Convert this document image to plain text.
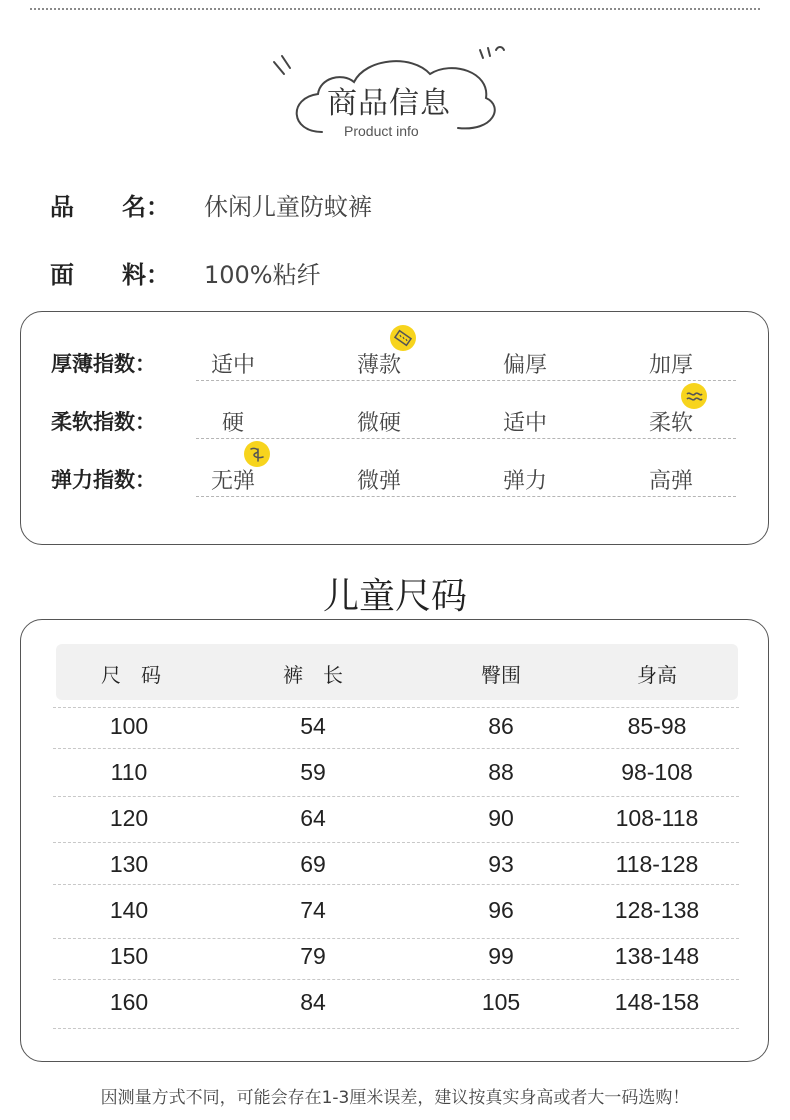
商品信息
Product info
品　　名： 休闲儿童防蚊裤
面　　料： 100%粘纤
厚薄指数：	适中	薄款	偏厚	加厚
柔软指数：	硬	微硬	适中	柔软
弹力指数：	无弹	微弹	弹力	高弹
儿童尺码
尺　码	裤　长	臀围	身高
100	54	86	85-98
110	59	88	98-108
120	64	90	108-118
130	69	93	118-128
140	74	96	128-138
150	79	99	138-148
160	84	105	148-158
因测量方式不同，可能会存在1-3厘米误差，建议按真实身高或者大一码选购！
